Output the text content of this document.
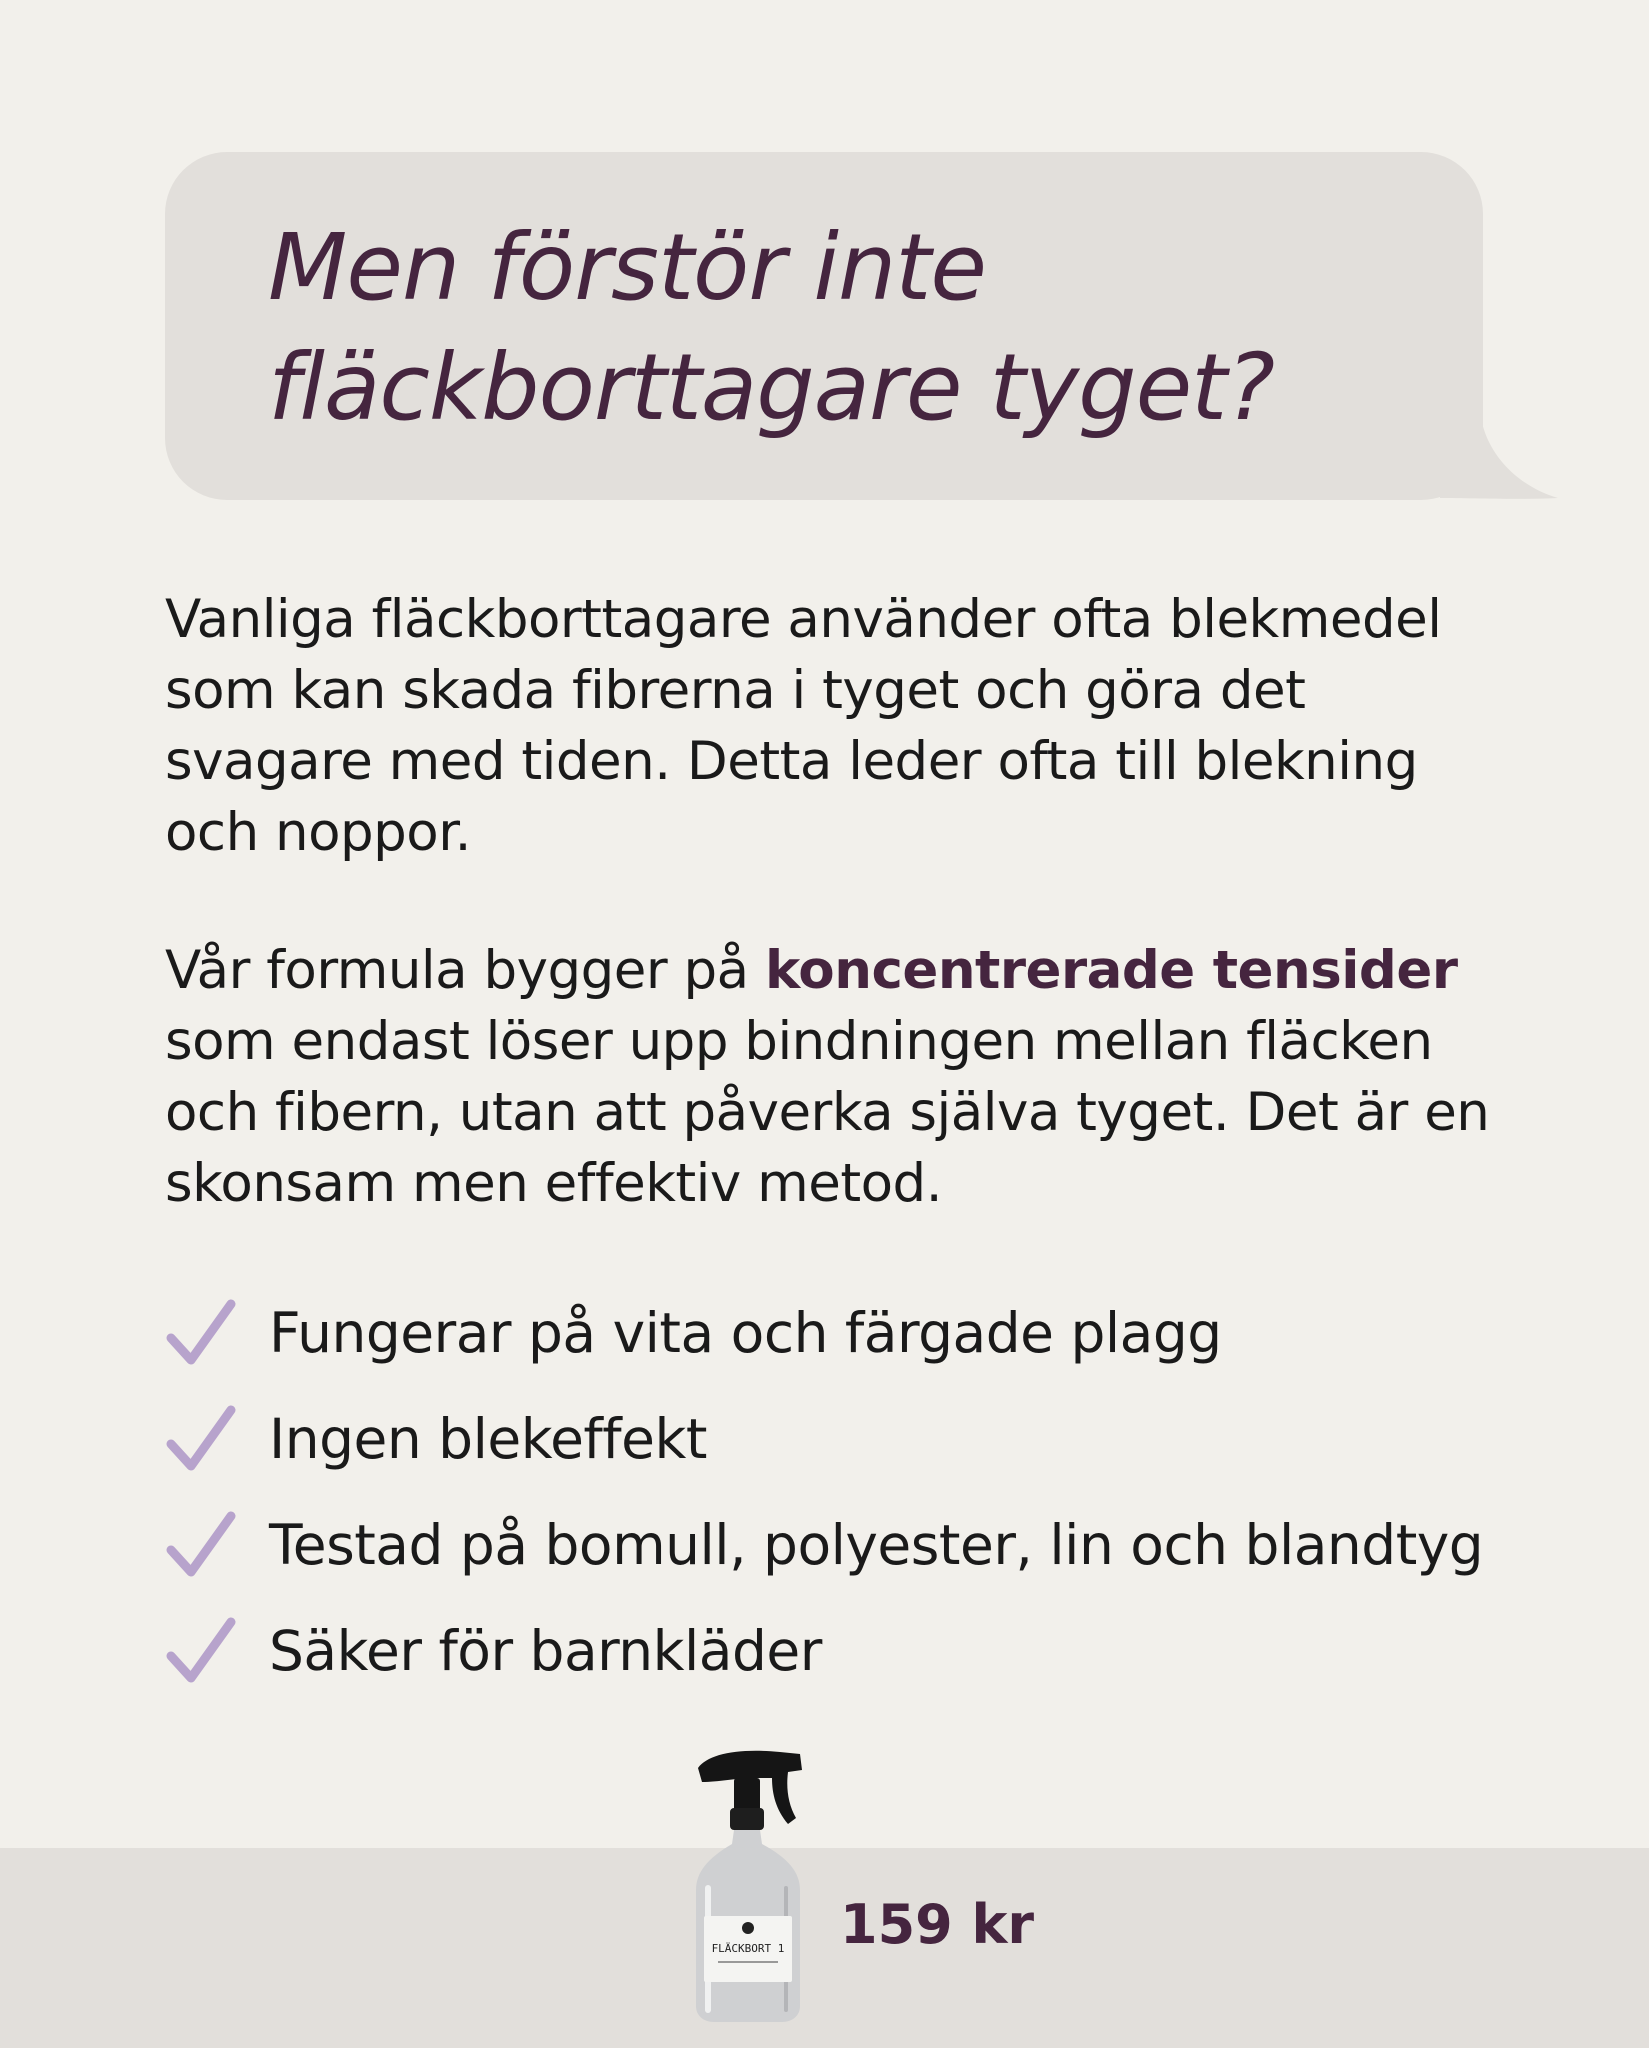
Men förstör inte
fläckborttagare tyget?

Vanliga fläckborttagare använder ofta blekmedel som kan skada fibrerna i tyget och göra det svagare med tiden. Detta leder ofta till blekning och noppor.

Vår formula bygger på koncentrerade tensider som endast löser upp bindningen mellan fläcken och fibern, utan att påverka själva tyget. Det är en skonsam men effektiv metod.

Fungerar på vita och färgade plagg
Ingen blekeffekt
Testad på bomull, polyester, lin och blandtyg
Säker för barnkläder
FLÄCKBORT 1 159 kr
